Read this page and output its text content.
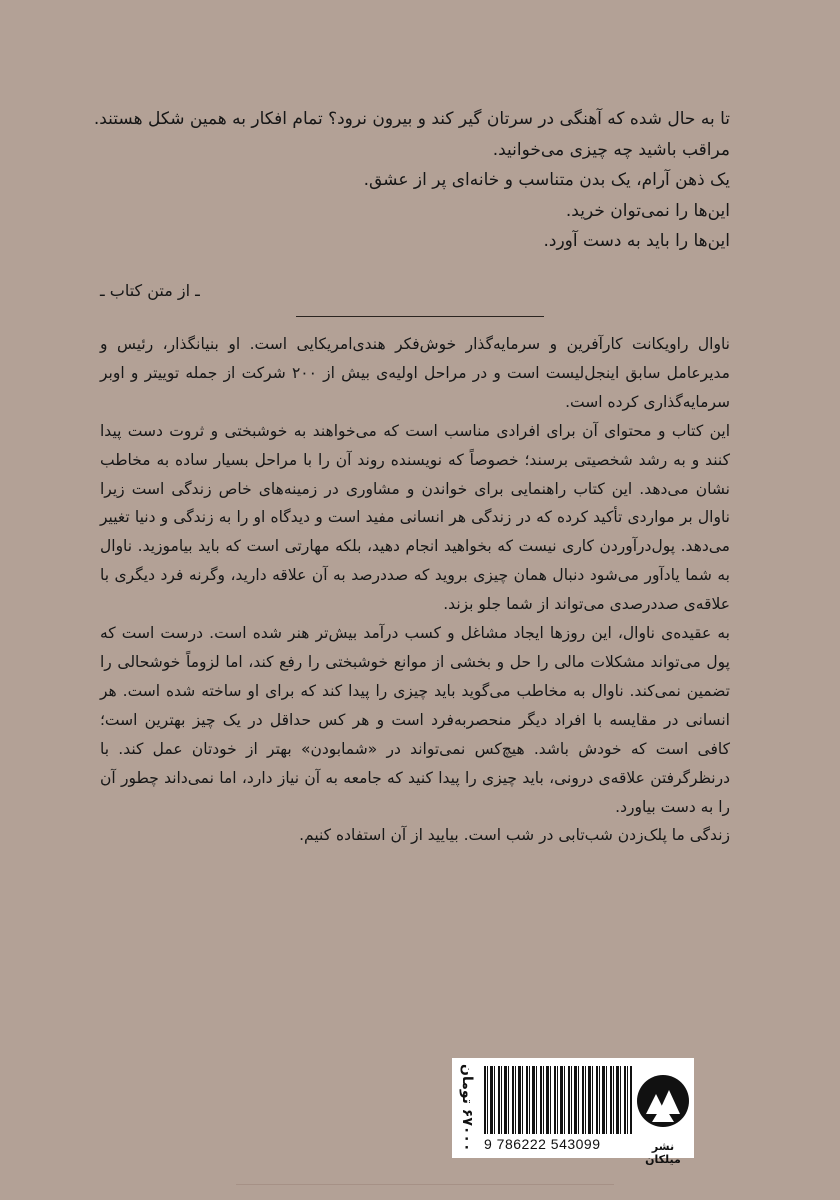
تا به حال شده که آهنگی در سرتان گیر کند و بیرون نرود؟ تمام افکار به همین شکل هستند.

مراقب باشید چه چیزی می‌خوانید.

یک ذهن آرام، یک بدن متناسب و خانه‌ای پر از عشق.

این‌ها را نمی‌توان خرید.

این‌ها را باید به دست آورد.

ـ از متن کتاب ـ

ناوال راویکانت کارآفرین و سرمایه‌گذار خوش‌فکر هندی‌امریکایی است. او بنیانگذار، رئیس و مدیرعامل سابق اینجل‌لیست است و در مراحل اولیه‌ی بیش از ۲۰۰ شرکت از جمله توییتر و اوبر سرمایه‌گذاری کرده است.

این کتاب و محتوای آن برای افرادی مناسب است که می‌خواهند به خوشبختی و ثروت دست پیدا کنند و به رشد شخصیتی برسند؛ خصوصاً که نویسنده روند آن را با مراحل بسیار ساده به مخاطب نشان می‌دهد. این کتاب راهنمایی برای خواندن و مشاوری در زمینه‌های خاص زندگی است زیرا ناوال بر مواردی تأکید کرده که در زندگی هر انسانی مفید است و دیدگاه او را به زندگی و دنیا تغییر می‌دهد. پول‌درآوردن کاری نیست که بخواهید انجام دهید، بلکه مهارتی است که باید بیاموزید. ناوال به شما یادآور می‌شود دنبال همان چیزی بروید که صددرصد به آن علاقه دارید، وگرنه فرد دیگری با علاقه‌ی صددرصدی می‌تواند از شما جلو بزند.

به عقیده‌ی ناوال، این روزها ایجاد مشاغل و کسب درآمد بیش‌تر هنر شده است. درست است که پول می‌تواند مشکلات مالی را حل و بخشی از موانع خوشبختی را رفع کند، اما لزوماً خوشحالی را تضمین نمی‌کند. ناوال به مخاطب می‌گوید باید چیزی را پیدا کند که برای او ساخته شده است. هر انسانی در مقایسه با افراد دیگر منحصربه‌فرد است و هر کس حداقل در یک چیز بهترین است؛ کافی است که خودش باشد. هیچ‌کس نمی‌تواند در «شمابودن» بهتر از خودتان عمل کند. با درنظرگرفتن علاقه‌ی درونی، باید چیزی را پیدا کنید که جامعه به آن نیاز دارد، اما نمی‌داند چطور آن را به دست بیاورد.

زندگی ما پلک‌زدن شب‌تابی در شب است. بیایید از آن استفاده کنیم.

۶۷۰۰۰ تومان 9 786222 543099	نشر میلکان
